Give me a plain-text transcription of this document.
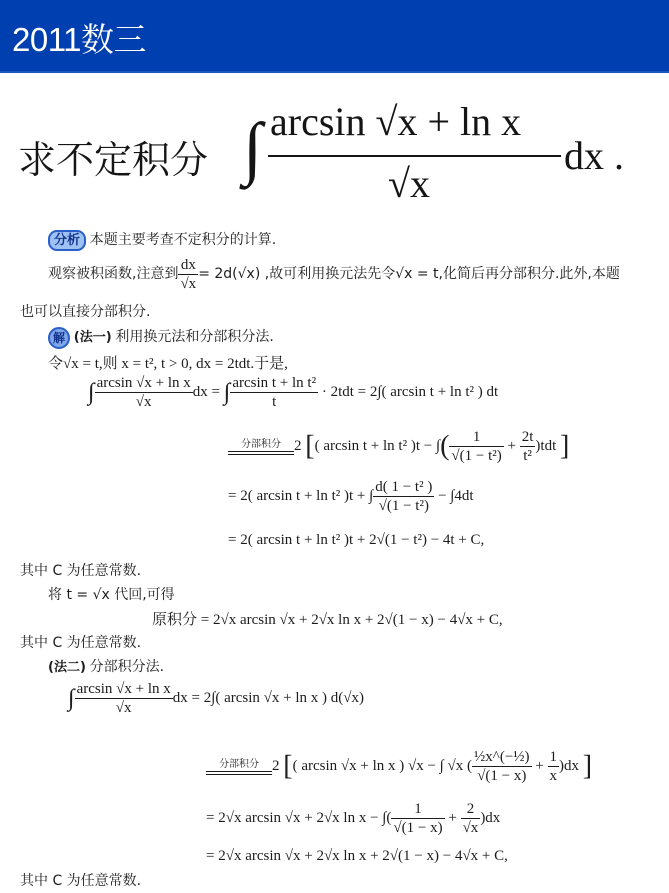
2011数三
求不定积分 ∫ arcsin √x + ln x
√x
dx .
分析 本题主要考查不定积分的计算.
观察被积函数,注意到 $\frac{dx}{√x} = 2d(√x)$ ,故可利用换元法先令√x = t,化简后再分部积分.此外,本题
也可以直接分部积分.
解 (法一) 利用换元法和分部积分法.
令√x = t,则 x = t², t > 0, dx = 2tdt.于是,
∫ $\frac{\text{arcsin √x + ln x}}{√x}$ dx = ∫ $\frac{\text{arcsin t + ln t²}}{t} \cdot 2tdt = 2\int$( arcsin t + ln t² ) dt
分部积分 2 [( arcsin t + ln t² )t − ∫( $\frac{1}{\text{√(1 − t²)}} + \frac{2t}{\text{t²}} )tdt$ ]
= 2( arcsin t + ln t² )t + ∫ $\frac{\text{d( 1 − t² )}}{\text{√(1 − t²)}} - \int 4dt$
= 2( arcsin t + ln t² )t + 2√(1 − t²) − 4t + C,
其中 C 为任意常数.
将 t = √x 代回,可得
原积分 = 2√x arcsin √x + 2√x ln x + 2√(1 − x) − 4√x + C,
其中 C 为任意常数.
(法二) 分部积分法.
∫ $\frac{\text{arcsin √x + ln x}}{√x}$ dx = 2∫( arcsin √x + ln x ) d(√x)
分部积分 2 [( arcsin √x + ln x ) √x − ∫ √x ( $\frac{\text{½x\textasciicircum{}(−½)}}{√(1 - x)} + \frac{1}{x} )dx$ ]
= 2√x arcsin √x + 2√x ln x − ∫( $\frac{1}{√(1 - x)} + \frac{2}{√x} )dx$
= 2√x arcsin √x + 2√x ln x + 2√(1 − x) − 4√x + C,
其中 C 为任意常数.
